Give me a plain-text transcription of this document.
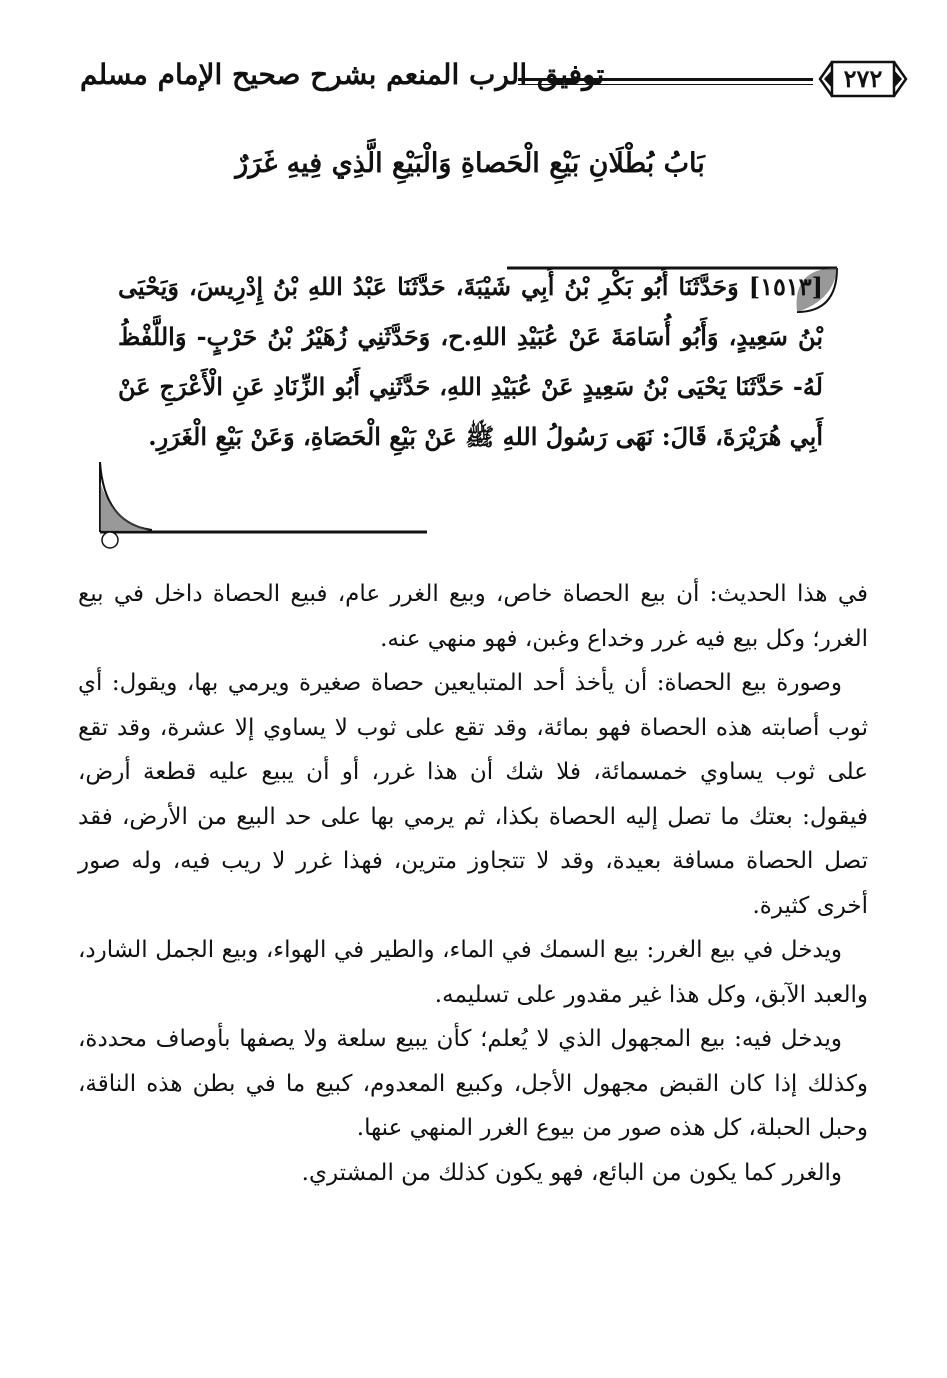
توفيق الرب المنعم بشرح صحيح الإمام مسلم	٢٧٢
بَابُ بُطْلَانِ بَيْعِ الْحَصاةِ وَالْبَيْعِ الَّذِي فِيهِ غَرَرٌ
[١٥١٣] وَحَدَّثَنَا أَبُو بَكْرِ بْنُ أَبِي شَيْبَةَ، حَدَّثَنَا عَبْدُ اللهِ بْنُ إِدْرِيسَ، وَيَحْيَى بْنُ سَعِيدٍ، وَأَبُو أُسَامَةَ عَنْ عُبَيْدِ اللهِ.ح، وَحَدَّثَنِي زُهَيْرُ بْنُ حَرْبٍ- وَاللَّفْظُ لَهُ- حَدَّثَنَا يَحْيَى بْنُ سَعِيدٍ عَنْ عُبَيْدِ اللهِ، حَدَّثَنِي أَبُو الزِّنَادِ عَنِ الْأَعْرَجِ عَنْ أَبِي هُرَيْرَةَ، قَالَ: نَهَى رَسُولُ اللهِ ﷺ عَنْ بَيْعِ الْحَصَاةِ، وَعَنْ بَيْعِ الْغَرَرِ.

في هذا الحديث: أن بيع الحصاة خاص، وبيع الغرر عام، فبيع الحصاة داخل في بيع الغرر؛ وكل بيع فيه غرر وخداع وغبن، فهو منهي عنه.

وصورة بيع الحصاة: أن يأخذ أحد المتبايعين حصاة صغيرة ويرمي بها، ويقول: أي ثوب أصابته هذه الحصاة فهو بمائة، وقد تقع على ثوب لا يساوي إلا عشرة، وقد تقع على ثوب يساوي خمسمائة، فلا شك أن هذا غرر، أو أن يبيع عليه قطعة أرض، فيقول: بعتك ما تصل إليه الحصاة بكذا، ثم يرمي بها على حد البيع من الأرض، فقد تصل الحصاة مسافة بعيدة، وقد لا تتجاوز مترين، فهذا غرر لا ريب فيه، وله صور أخرى كثيرة.

ويدخل في بيع الغرر: بيع السمك في الماء، والطير في الهواء، وبيع الجمل الشارد، والعبد الآبق، وكل هذا غير مقدور على تسليمه.

ويدخل فيه: بيع المجهول الذي لا يُعلم؛ كأن يبيع سلعة ولا يصفها بأوصاف محددة، وكذلك إذا كان القبض مجهول الأجل، وكبيع المعدوم، كبيع ما في بطن هذه الناقة، وحبل الحبلة، كل هذه صور من بيوع الغرر المنهي عنها.

والغرر كما يكون من البائع، فهو يكون كذلك من المشتري.
